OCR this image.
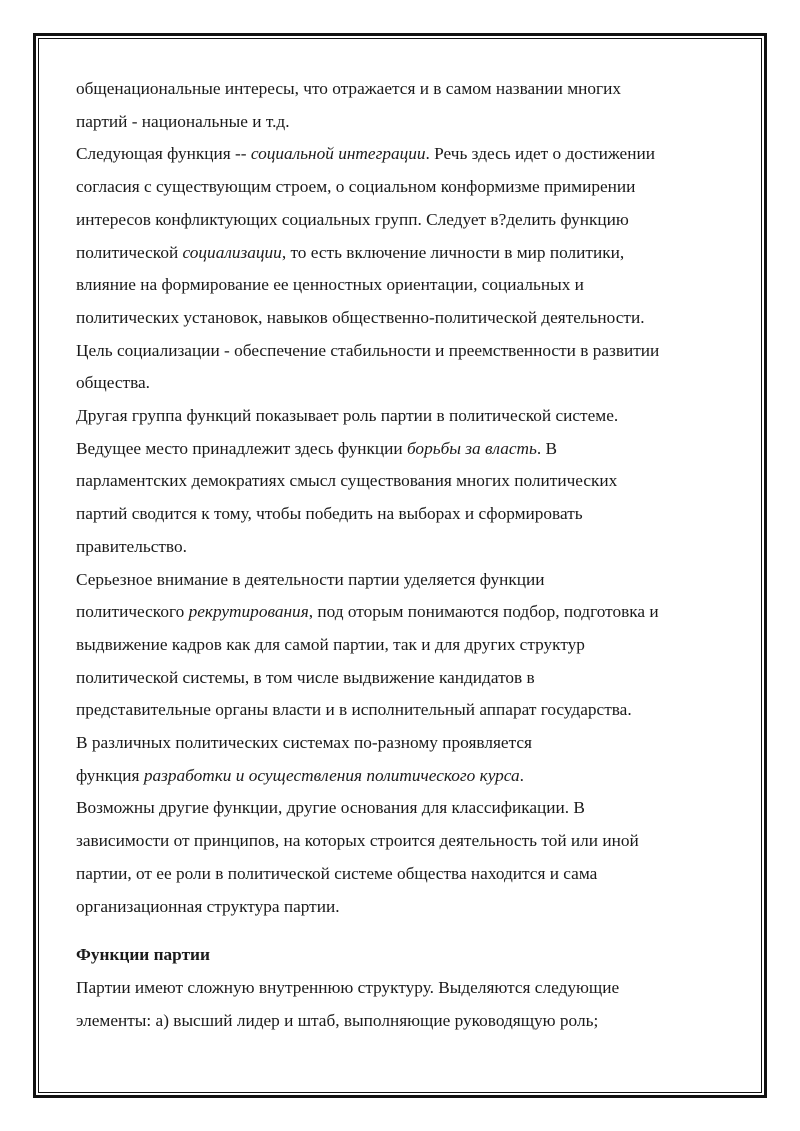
общенациональные интересы, что отражается и в самом названии многих
партий - национальные и т.д.
Следующая функция -- социальной интеграции. Речь здесь идет о достижении
согласия с существующим строем, о социальном конформизме примирении
интересов конфликтующих социальных групп. Следует в?делить функцию
политической социализации, то есть включение личности в мир политики,
влияние на формирование ее ценностных ориентации, социальных и
политических установок, навыков общественно-политической деятельности.
Цель социализации - обеспечение стабильности и преемственности в развитии
общества.
Другая группа функций показывает роль партии в политической системе.
Ведущее место принадлежит здесь функции борьбы за власть. В
парламентских демократиях смысл существования многих политических
партий сводится к тому, чтобы победить на выборах и сформировать
правительство.
Серьезное внимание в деятельности партии уделяется функции
политического рекрутирования, под оторым понимаются подбор, подготовка и
выдвижение кадров как для самой партии, так и для других структур
политической системы, в том числе выдвижение кандидатов в
представительные органы власти и в исполнительный аппарат государства.
В различных политических системах по-разному проявляется
функция разработки и осуществления политического курса.
Возможны другие функции, другие основания для классификации. В
зависимости от принципов, на которых строится деятельность той или иной
партии, от ее роли в политической системе общества находится и сама
организационная структура партии.
Функции партии
Партии имеют сложную внутреннюю структуру. Выделяются следующие
элементы: а) высший лидер и штаб, выполняющие руководящую роль;
